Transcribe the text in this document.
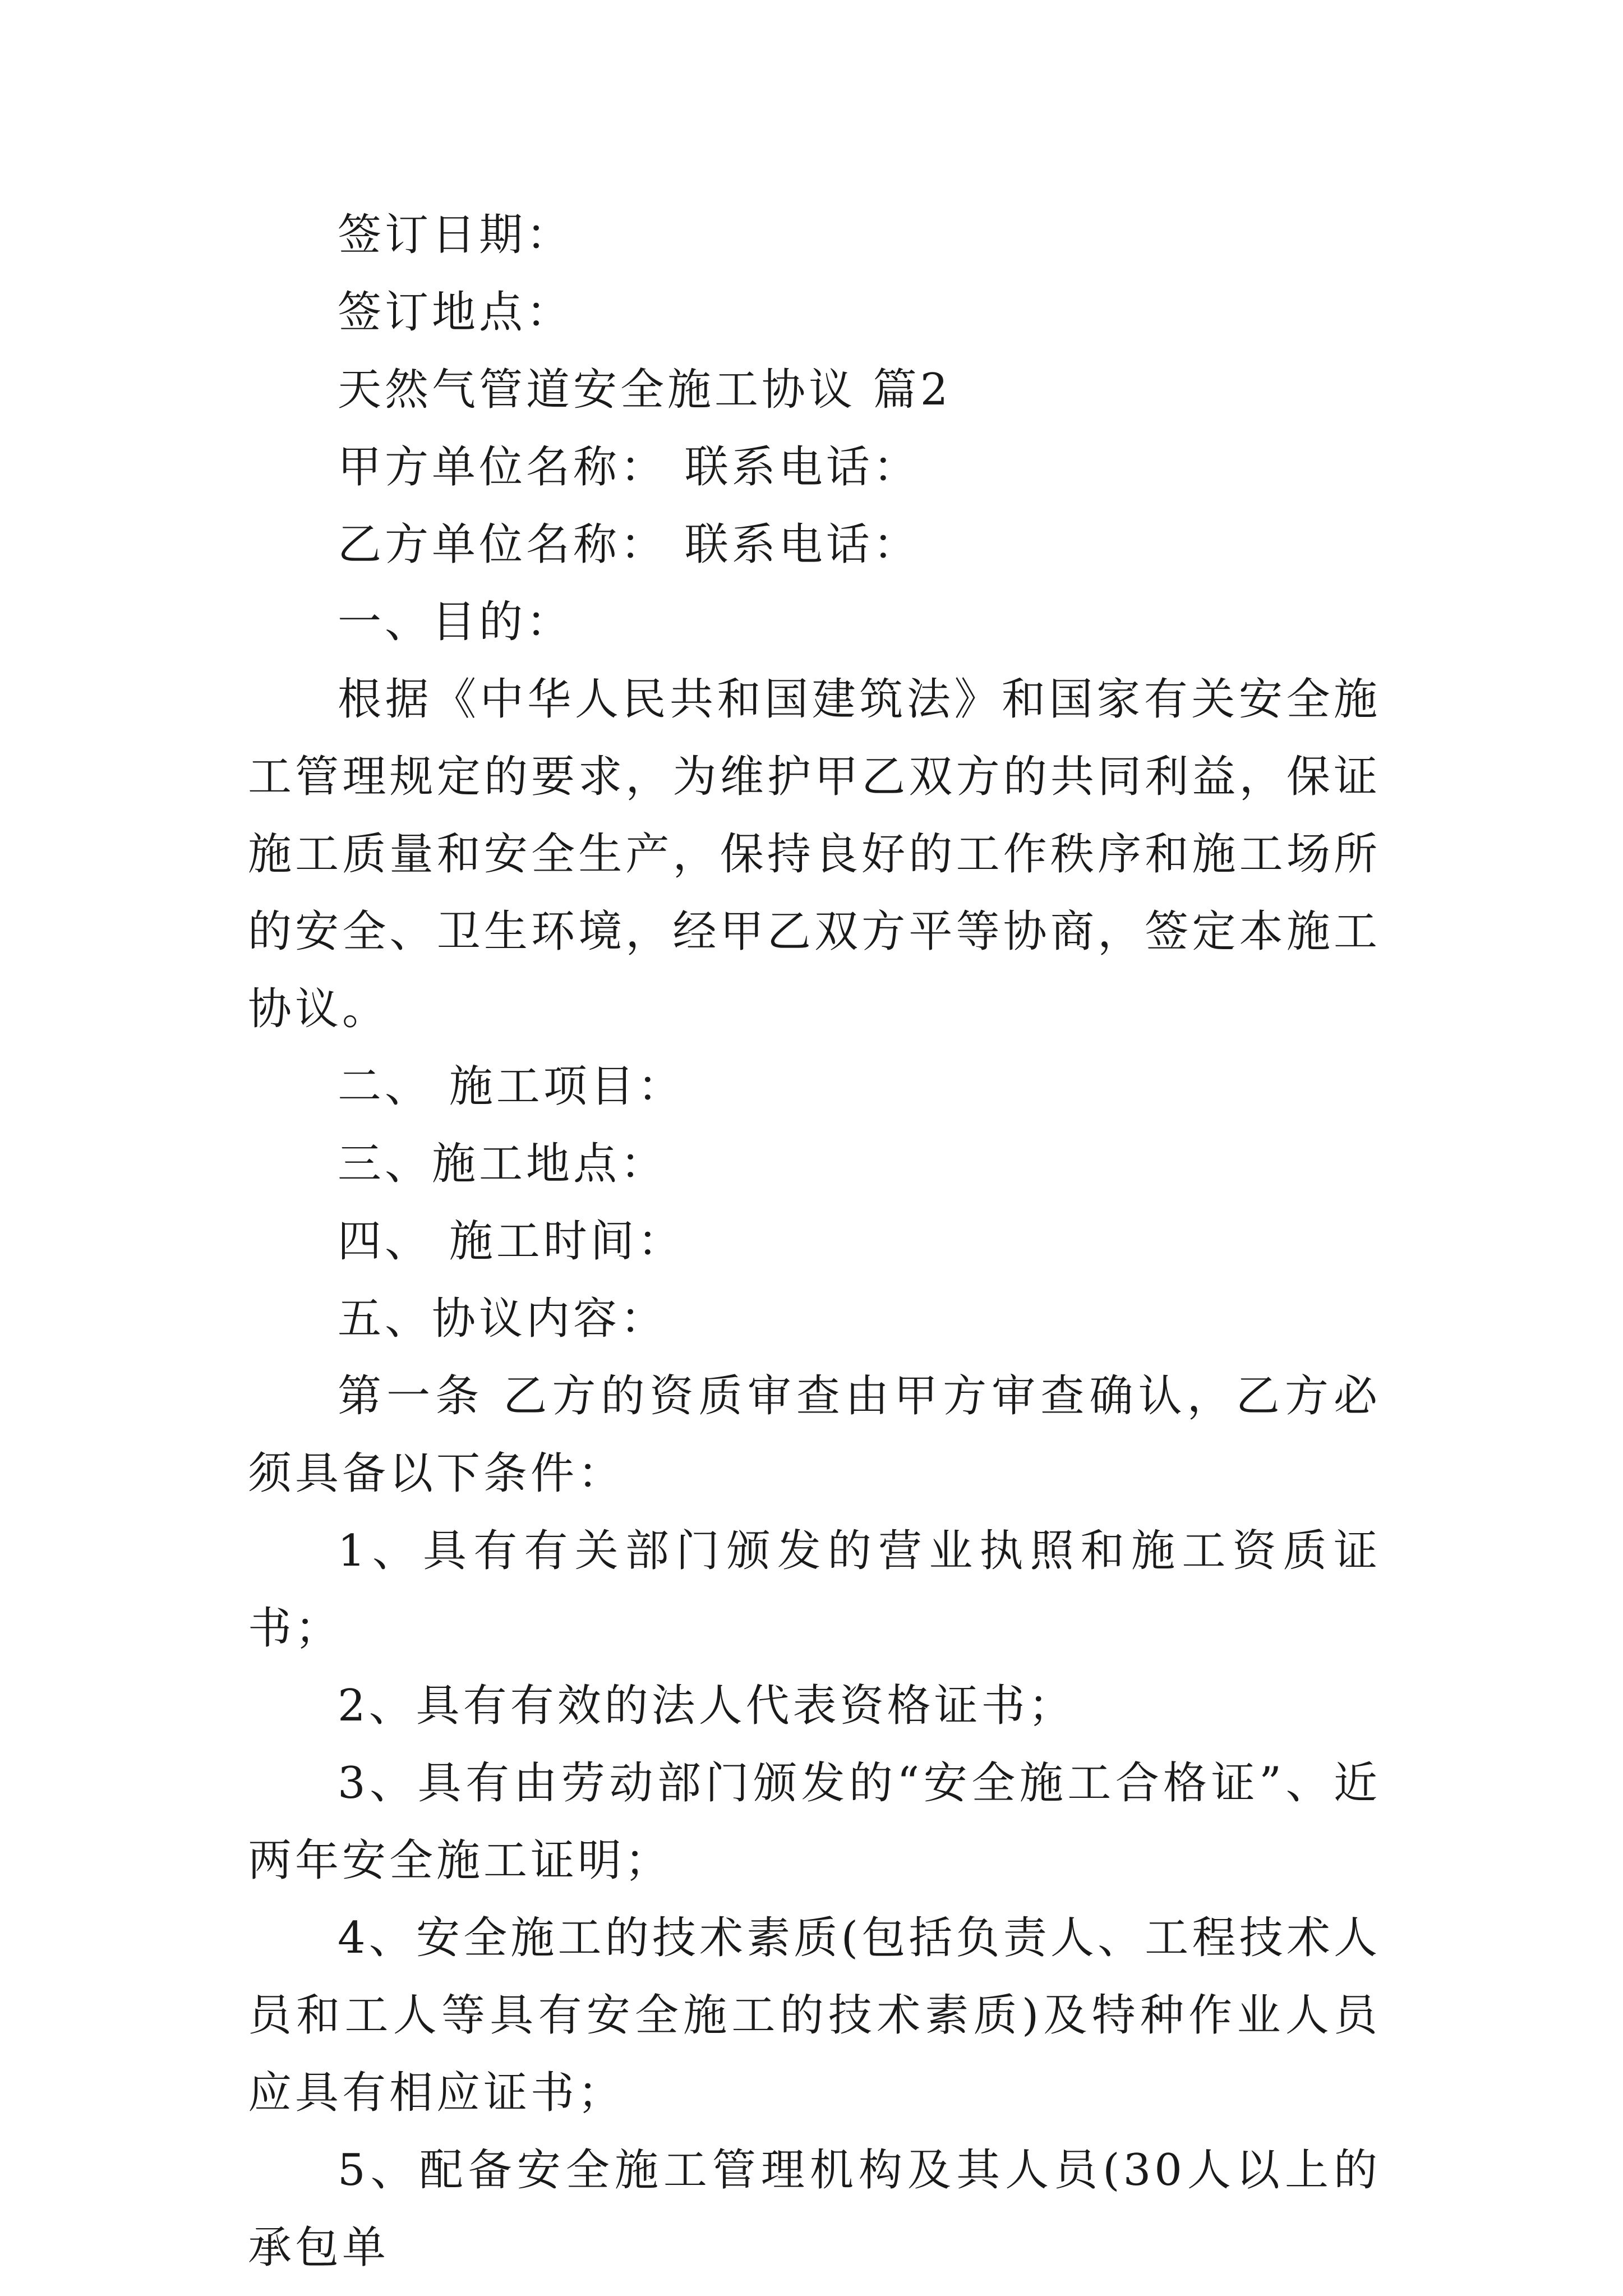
签订日期：
签订地点：
天然气管道安全施工协议 篇2
甲方单位名称： 联系电话：
乙方单位名称： 联系电话：
一、目的：
根据《中华人民共和国建筑法》和国家有关安全施工管理规定的要求，为维护甲乙双方的共同利益，保证施工质量和安全生产，保持良好的工作秩序和施工场所的安全、卫生环境，经甲乙双方平等协商，签定本施工协议。
二、 施工项目：
三、施工地点：
四、 施工时间：
五、协议内容：
第一条 乙方的资质审查由甲方审查确认，乙方必须具备以下条件：
1、具有有关部门颁发的营业执照和施工资质证书；
2、具有有效的法人代表资格证书；
3、具有由劳动部门颁发的“安全施工合格证”、近两年安全施工证明；
4、安全施工的技术素质(包括负责人、工程技术人员和工人等具有安全施工的技术素质)及特种作业人员应具有相应证书；
5、配备安全施工管理机构及其人员(30人以上的承包单
